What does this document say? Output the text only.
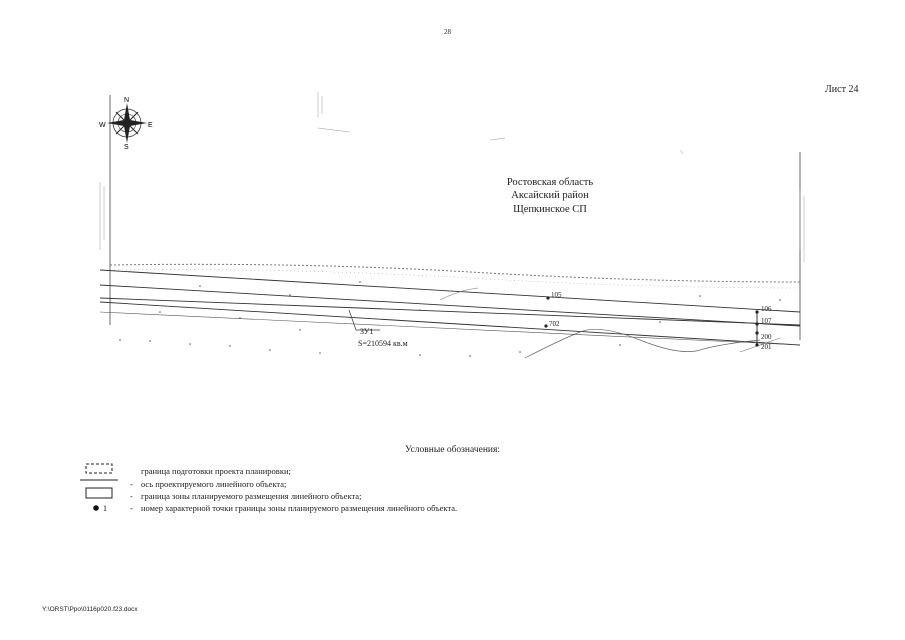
28
Лист 24
N
S
E
W
Ростовская область
Аксайский район
Щепкинское СП
ЗУ1
S=210594 кв.м
105
702
106
107
200
201
Условные обозначения:
1
граница подготовки проекта планировки;
- ось проектируемого линейного объекта;
- граница зоны планируемого размещения линейного объекта;
- номер характерной точки границы зоны планируемого размещения линейного объекта.
Y:\ORST\Ppo\0116p020.f23.docx
